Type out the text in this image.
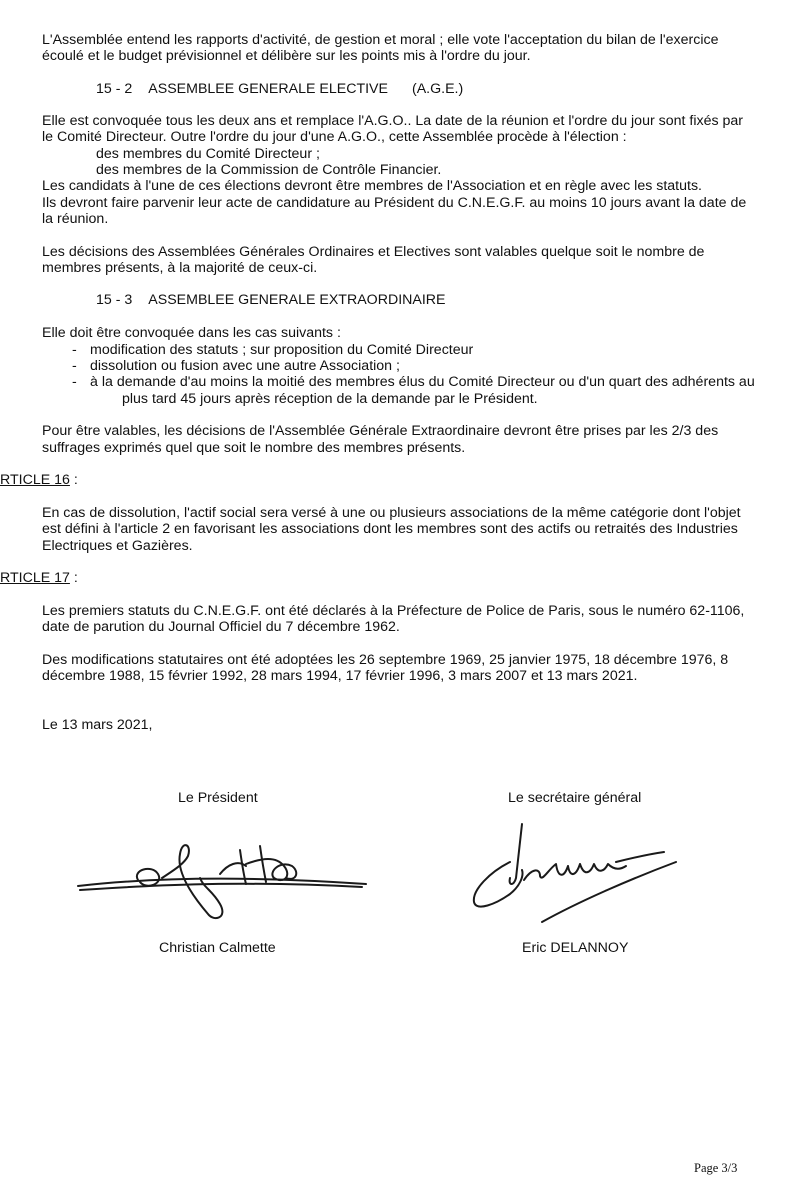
L'Assemblée entend les rapports d'activité, de gestion et moral ; elle vote l'acceptation du bilan de l'exercice
écoulé et le budget prévisionnel et délibère sur les points mis à l'ordre du jour.
15 - 2 ASSEMBLEE GENERALE ELECTIVE (A.G.E.)
Elle est convoquée tous les deux ans et remplace l'A.G.O.. La date de la réunion et l'ordre du jour sont fixés par
le Comité Directeur. Outre l'ordre du jour d'une A.G.O., cette Assemblée procède à l'élection :
des membres du Comité Directeur ;
des membres de la Commission de Contrôle Financier.
Les candidats à l'une de ces élections devront être membres de l'Association et en règle avec les statuts.
Ils devront faire parvenir leur acte de candidature au Président du C.N.E.G.F. au moins 10 jours avant la date de
la réunion.
Les décisions des Assemblées Générales Ordinaires et Electives sont valables quelque soit le nombre de
membres présents, à la majorité de ceux-ci.
15 - 3 ASSEMBLEE GENERALE EXTRAORDINAIRE
Elle doit être convoquée dans les cas suivants :
- modification des statuts ; sur proposition du Comité Directeur
- dissolution ou fusion avec une autre Association ;
- à la demande d'au moins la moitié des membres élus du Comité Directeur ou d'un quart des adhérents au
plus tard 45 jours après réception de la demande par le Président.
Pour être valables, les décisions de l'Assemblée Générale Extraordinaire devront être prises par les 2/3 des
suffrages exprimés quel que soit le nombre des membres présents.
RTICLE 16 :
En cas de dissolution, l'actif social sera versé à une ou plusieurs associations de la même catégorie dont l'objet
est défini à l'article 2 en favorisant les associations dont les membres sont des actifs ou retraités des Industries
Electriques et Gazières.
RTICLE 17 :
Les premiers statuts du C.N.E.G.F. ont été déclarés à la Préfecture de Police de Paris, sous le numéro 62-1106,
date de parution du Journal Officiel du 7 décembre 1962.
Des modifications statutaires ont été adoptées les 26 septembre 1969, 25 janvier 1975, 18 décembre 1976, 8
décembre 1988, 15 février 1992, 28 mars 1994, 17 février 1996, 3 mars 2007 et 13 mars 2021.
Le 13 mars 2021,
Le Président	Le secrétaire général
Christian Calmette	Eric DELANNOY
Page 3/3
